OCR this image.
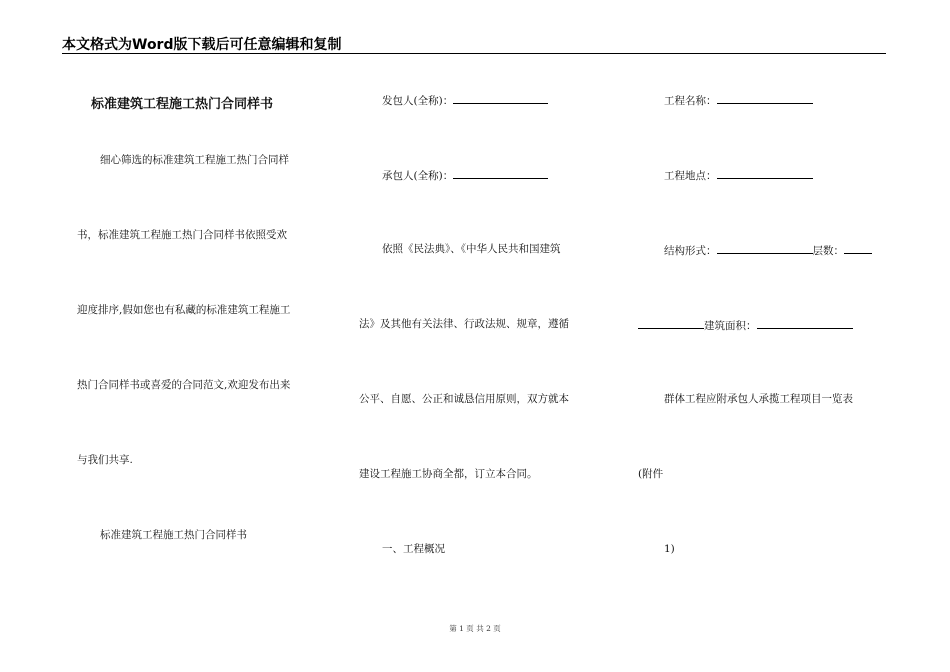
本文格式为Word版下载后可任意编辑和复制
标准建筑工程施工热门合同样书
细心筛选的标准建筑工程施工热门合同样
书，标准建筑工程施工热门合同样书依照受欢
迎度排序,假如您也有私藏的标准建筑工程施工
热门合同样书或喜爱的合同范文,欢迎发布出来
与我们共享.
标准建筑工程施工热门合同样书
发包人(全称)：
承包人(全称)：
依照《民法典》、《中华人民共和国建筑
法》及其他有关法律、行政法规、规章，遵循
公平、自愿、公正和诚恳信用原则，双方就本
建设工程施工协商全都，订立本合同。
一、工程概况
工程名称：
工程地点：
结构形式：	层数：
建筑面积：
群体工程应附承包人承揽工程项目一览表
(附件
1)
第 1 页 共 2 页
